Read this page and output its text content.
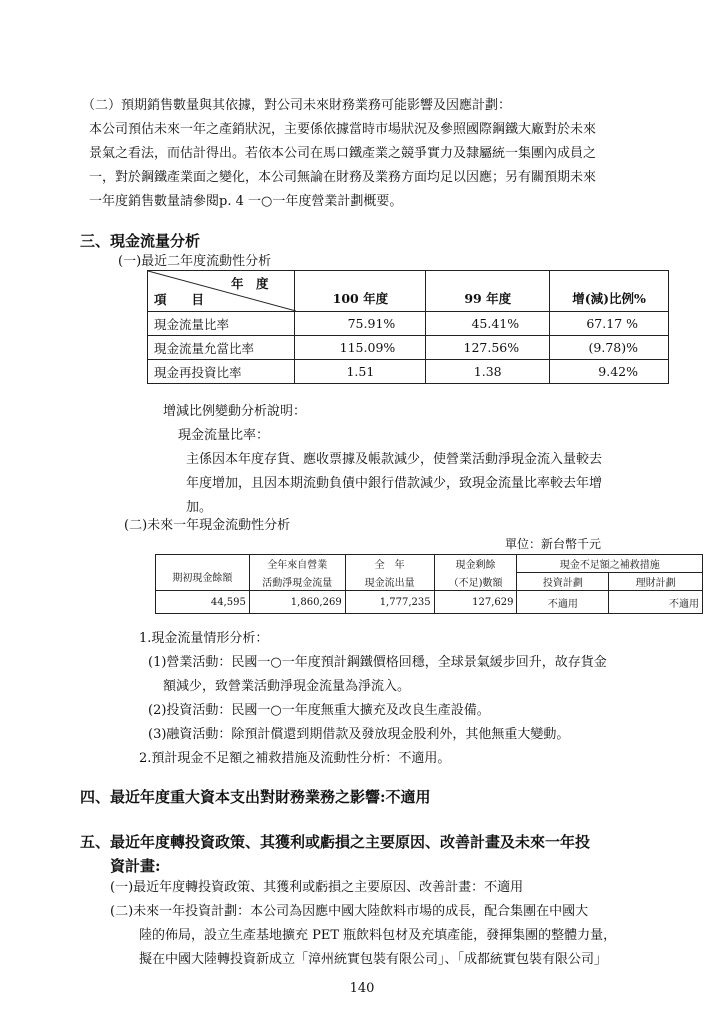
（二）預期銷售數量與其依據，對公司未來財務業務可能影響及因應計劃：
本公司預估未來一年之產銷狀況，主要係依據當時市場狀況及參照國際鋼鐵大廠對於未來
景氣之看法，而估計得出。若依本公司在馬口鐵產業之競爭實力及隸屬統一集團內成員之
一，對於鋼鐵產業面之變化，本公司無論在財務及業務方面均足以因應；另有關預期未來
一年度銷售數量請參閱p. 4 一○一年度營業計劃概要。
三、現金流量分析
(一)最近二年度流動性分析
年　度
項　　目	100 年度	99 年度	增(減)比例%
現金流量比率	75.91%	45.41%	67.17 %
現金流量允當比率	115.09%	127.56%	(9.78)%
現金再投資比率	1.51	1.38	9.42%
增減比例變動分析說明：
現金流量比率：
主係因本年度存貨、應收票據及帳款減少，使營業活動淨現金流入量較去
年度增加，且因本期流動負債中銀行借款減少，致現金流量比率較去年增
加。
(二)未來一年現金流動性分析
單位：新台幣千元
期初現金餘額	全年來自營業	全　年	現金剩餘	現金不足額之補救措施	
	活動淨現金流量	現金流出量	（不足)數額	投資計劃	理財計劃
44,595	1,860,269	1,777,235	127,629	不適用	不適用
1.現金流量情形分析：
(1)營業活動：民國一○一年度預計鋼鐵價格回穩，全球景氣緩步回升，故存貨金
額減少，致營業活動淨現金流量為淨流入。
(2)投資活動：民國一○一年度無重大擴充及改良生產設備。
(3)融資活動：除預計償還到期借款及發放現金股利外，其他無重大變動。
2.預計現金不足額之補救措施及流動性分析：不適用。
四、最近年度重大資本支出對財務業務之影響:不適用
五、最近年度轉投資政策、其獲利或虧損之主要原因、改善計畫及未來一年投
資計畫:
(一)最近年度轉投資政策、其獲利或虧損之主要原因、改善計畫：不適用
(二)未來一年投資計劃：本公司為因應中國大陸飲料市場的成長，配合集團在中國大
陸的佈局，設立生產基地擴充 PET 瓶飲料包材及充填產能，發揮集團的整體力量，
擬在中國大陸轉投資新成立「漳州統實包裝有限公司」、「成都統實包裝有限公司」
140
